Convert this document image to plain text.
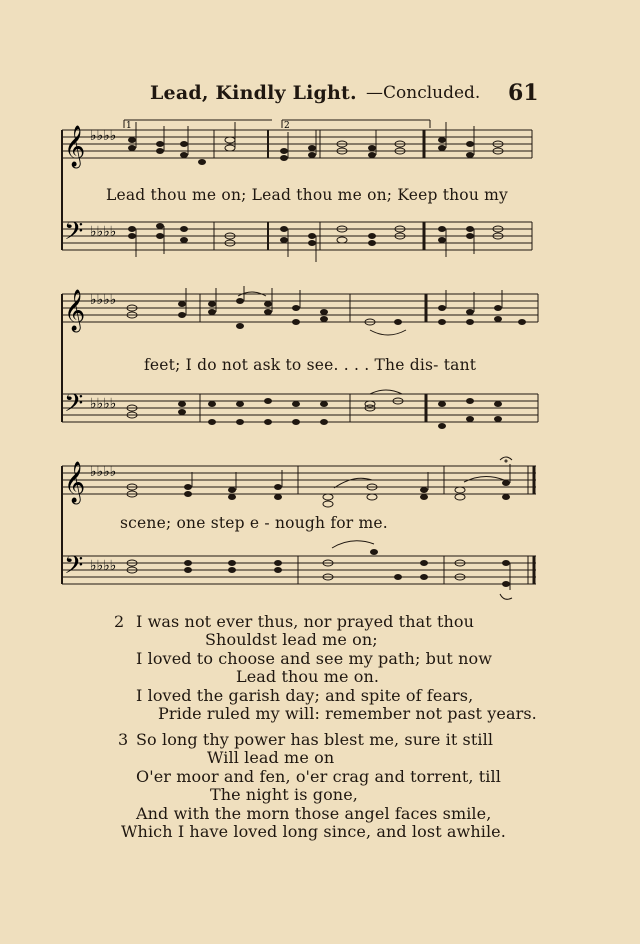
Lead, Kindly Light. —Concluded. 61
𝄞
𝄢
♭♭♭♭
♭♭♭♭
1	2
Lead thou me on; Lead thou me on; Keep thou my
𝄞
𝄢
♭♭♭♭
♭♭♭♭
feet; I do not ask to see. . . . The dis- tant
𝄞
𝄢
♭♭♭♭
♭♭♭♭
scene; one step e - nough for me.
2 I was not ever thus, nor prayed that thou
Shouldst lead me on;
I loved to choose and see my path; but now
Lead thou me on.
I loved the garish day; and spite of fears,
Pride ruled my will: remember not past years.
3 So long thy power has blest me, sure it still
Will lead me on
O'er moor and fen, o'er crag and torrent, till
The night is gone,
And with the morn those angel faces smile,
Which I have loved long since, and lost awhile.
